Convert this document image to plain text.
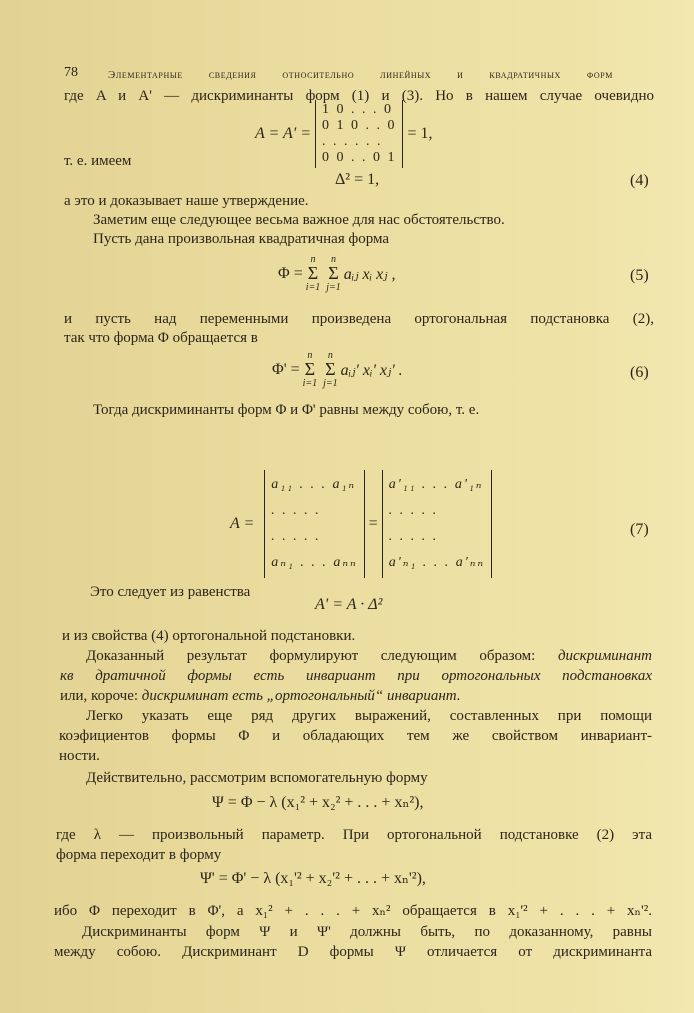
78	Элементарные сведения относительно линейных и квадратичных форм
где A и A' — дискриминанты форм (1) и (3). Но в нашем случае очевидно
A = A' =
1 0 . . . 0
0 1 0 . . 0
. . . . . .
0 0 . . 0 1
= 1,
т. е. имеем
Δ² = 1,	(4)
а это и доказывает наше утверждение.
Заметим еще следующее весьма важное для нас обстоятельство.
Пусть дана произвольная квадратичная форма
Φ =
n
Σ
i=1
n
Σ
j=1
aᵢⱼ xᵢ xⱼ ,	(5)
и пусть над переменными произведена ортогональная подстановка (2),
так что форма Φ обращается в
Φ' =
n
Σ
i=1
n
Σ
j=1
aᵢⱼ' xᵢ' xⱼ' .	(6)
Тогда дискриминанты форм Φ и Φ' равны между собою, т. е.
A =
a₁₁ . . . a₁ₙ
. . . . .
. . . . .
aₙ₁ . . . aₙₙ
=
a'₁₁ . . . a'₁ₙ
. . . . .
. . . . .
a'ₙ₁ . . . a'ₙₙ
(7)
Это следует из равенства
A' = A · Δ²
и из свойства (4) ортогональной подстановки.
Доказанный результат формулируют следующим образом: дискриминант
кв дратичной формы есть инвариант при ортогональных подстановках
или, короче: дискриминат есть „ортогональный“ инвариант.
Легко указать еще ряд других выражений, составленных при помощи
коэфициентов формы Φ и обладающих тем же свойством инвариант-
ности.
Действительно, рассмотрим вспомогательную форму
Ψ = Φ − λ (x₁² + x₂² + . . . + xₙ²),
где λ — произвольный параметр. При ортогональной подстановке (2) эта
форма переходит в форму
Ψ' = Φ' − λ (x₁'² + x₂'² + . . . + xₙ'²),
ибо Φ переходит в Φ', а x₁² + . . . + xₙ² обращается в x₁'² + . . . + xₙ'².
Дискриминанты форм Ψ и Ψ' должны быть, по доказанному, равны
между собою. Дискриминант D формы Ψ отличается от дискриминанта
